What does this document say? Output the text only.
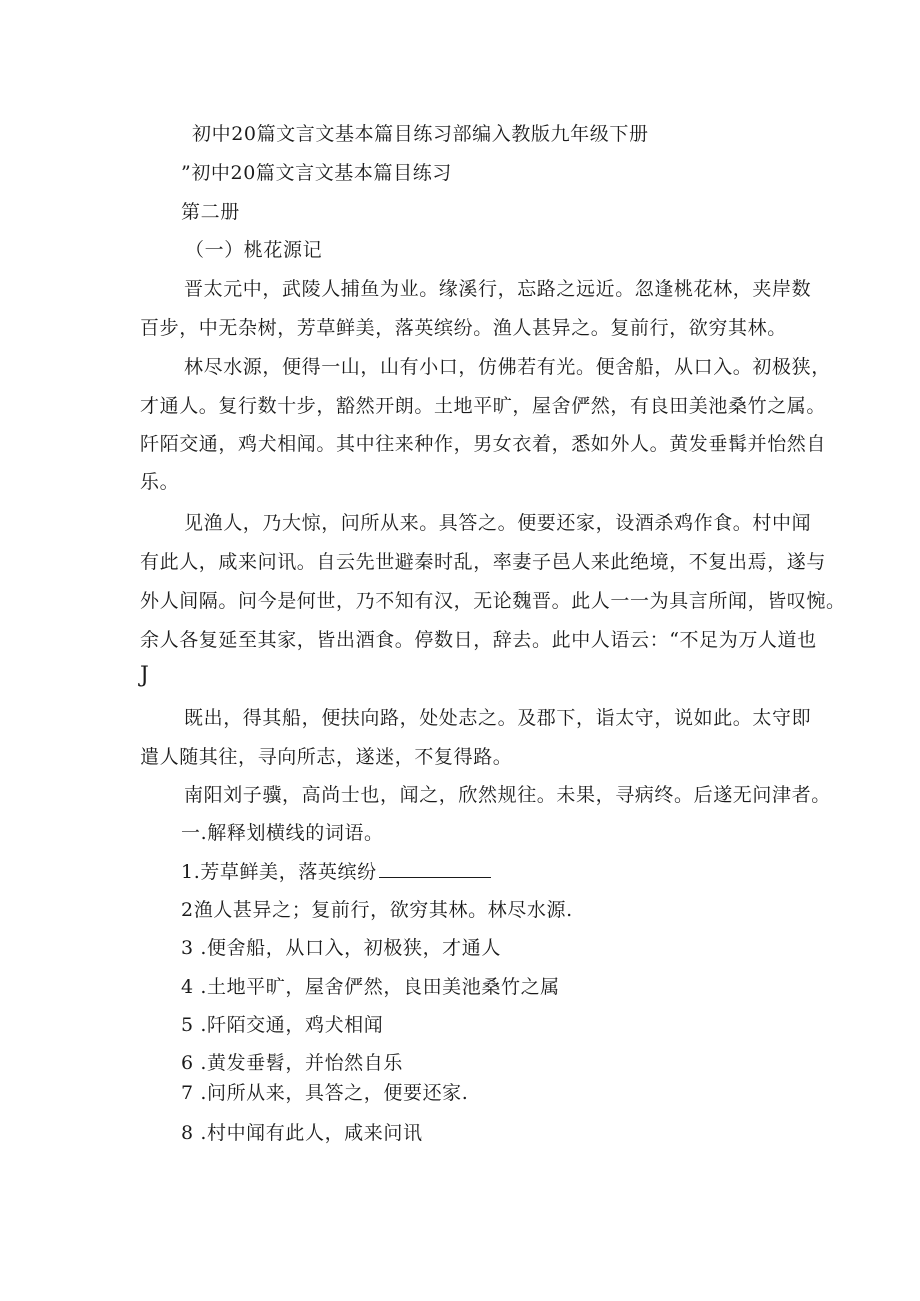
初中20篇文言文基本篇目练习部编入教版九年级下册
”初中20篇文言文基本篇目练习
第二册
（一）桃花源记
晋太元中，武陵人捕鱼为业。缘溪行，忘路之远近。忽逢桃花林，夹岸数
百步，中无杂树，芳草鲜美，落英缤纷。渔人甚异之。复前行，欲穷其林。
林尽水源，便得一山，山有小口，仿佛若有光。便舍船，从口入。初极狭，
才通人。复行数十步，豁然开朗。土地平旷，屋舍俨然，有良田美池桑竹之属。
阡陌交通，鸡犬相闻。其中往来种作，男女衣着，悉如外人。黄发垂髯并怡然自
乐。
见渔人，乃大惊，问所从来。具答之。便要还家，设酒杀鸡作食。村中闻
有此人，咸来问讯。自云先世避秦时乱，率妻子邑人来此绝境，不复出焉，遂与
外人间隔。问今是何世，乃不知有汉，无论魏晋。此人一一为具言所闻，皆叹惋。
余人各复延至其家，皆出酒食。停数日，辞去。此中人语云：“不足为万人道也
J
既出，得其船，便扶向路，处处志之。及郡下，诣太守，说如此。太守即
遣人随其往，寻向所志，遂迷，不复得路。
南阳刘子骥，高尚士也，闻之，欣然规往。未果，寻病终。后遂无问津者。
一.解释划横线的词语。
1.芳草鲜美，落英缤纷
2渔人甚异之；复前行，欲穷其林。林尽水源.
3 .便舍船，从口入，初极狭，才通人
4 .土地平旷，屋舍俨然，良田美池桑竹之属
5 .阡陌交通，鸡犬相闻
6 .黄发垂髫，并怡然自乐
7 .问所从来，具答之，便要还家.
8 .村中闻有此人，咸来问讯
